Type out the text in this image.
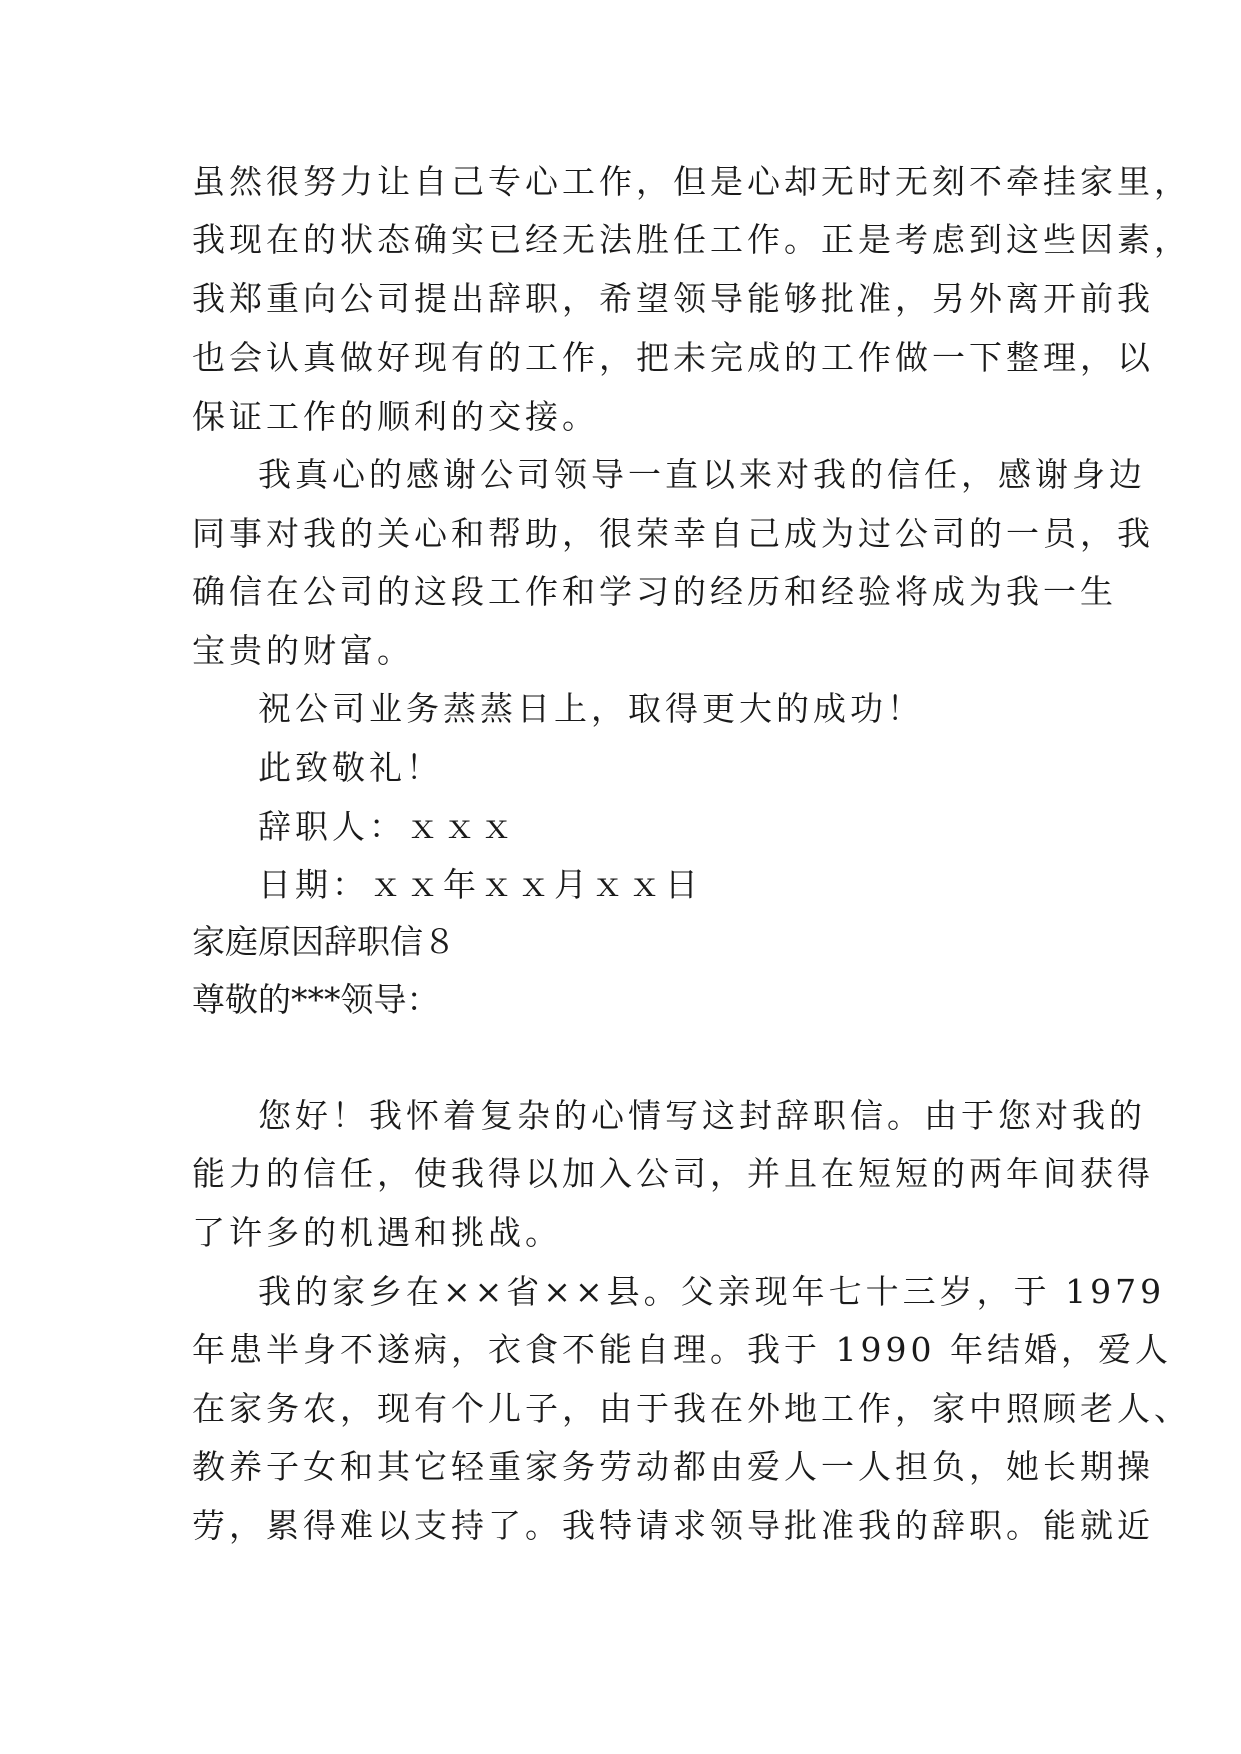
虽然很努力让自己专心工作，但是心却无时无刻不牵挂家里，
我现在的状态确实已经无法胜任工作。正是考虑到这些因素，
我郑重向公司提出辞职，希望领导能够批准，另外离开前我
也会认真做好现有的工作，把未完成的工作做一下整理，以
保证工作的顺利的交接。
我真心的感谢公司领导一直以来对我的信任，感谢身边
同事对我的关心和帮助，很荣幸自己成为过公司的一员，我
确信在公司的这段工作和学习的经历和经验将成为我一生
宝贵的财富。
祝公司业务蒸蒸日上，取得更大的成功！
此致敬礼！
辞职人：ｘｘｘ
日期：ｘｘ年ｘｘ月ｘｘ日
家庭原因辞职信８
尊敬的***领导：
您好！我怀着复杂的心情写这封辞职信。由于您对我的
能力的信任，使我得以加入公司，并且在短短的两年间获得
了许多的机遇和挑战。
我的家乡在××省××县。父亲现年七十三岁，于 1979
年患半身不遂病，衣食不能自理。我于 1990 年结婚，爱人
在家务农，现有个儿子，由于我在外地工作，家中照顾老人、
教养子女和其它轻重家务劳动都由爱人一人担负，她长期操
劳，累得难以支持了。我特请求领导批准我的辞职。能就近
